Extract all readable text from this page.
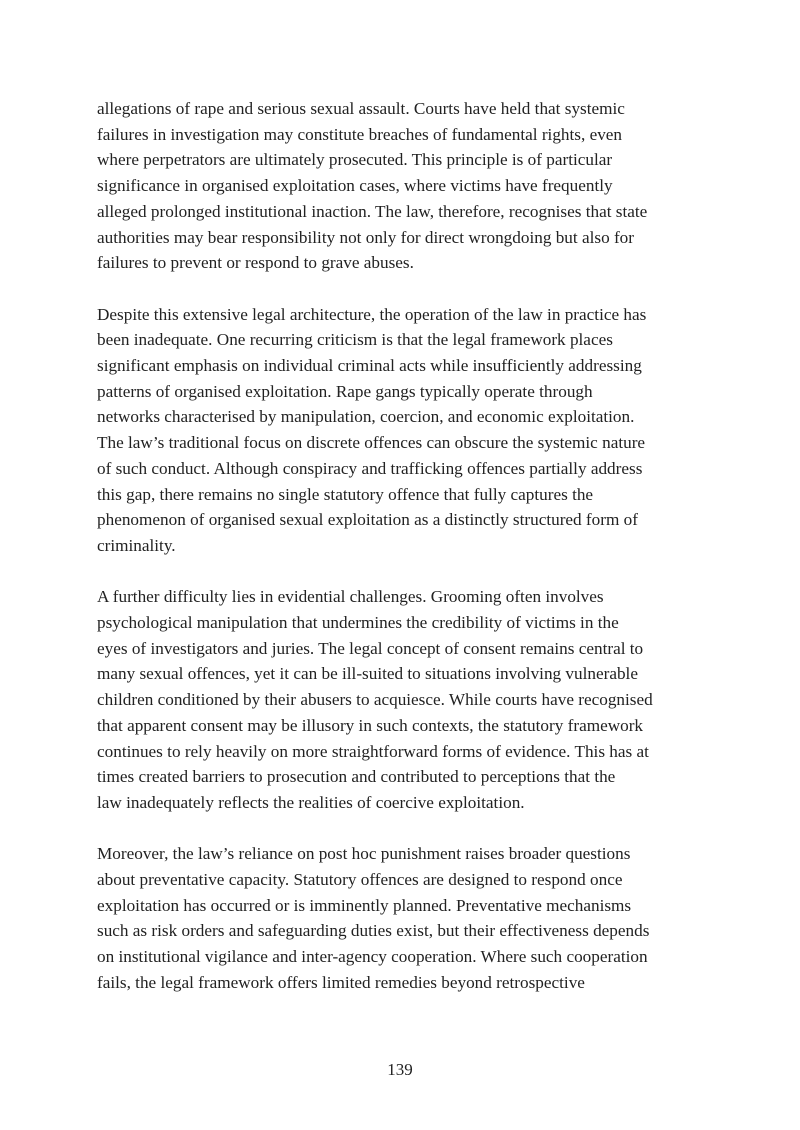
allegations of rape and serious sexual assault. Courts have held that systemic
failures in investigation may constitute breaches of fundamental rights, even
where perpetrators are ultimately prosecuted. This principle is of particular
significance in organised exploitation cases, where victims have frequently
alleged prolonged institutional inaction. The law, therefore, recognises that state
authorities may bear responsibility not only for direct wrongdoing but also for
failures to prevent or respond to grave abuses.

Despite this extensive legal architecture, the operation of the law in practice has
been inadequate. One recurring criticism is that the legal framework places
significant emphasis on individual criminal acts while insufficiently addressing
patterns of organised exploitation. Rape gangs typically operate through
networks characterised by manipulation, coercion, and economic exploitation.
The law’s traditional focus on discrete offences can obscure the systemic nature
of such conduct. Although conspiracy and trafficking offences partially address
this gap, there remains no single statutory offence that fully captures the
phenomenon of organised sexual exploitation as a distinctly structured form of
criminality.

A further difficulty lies in evidential challenges. Grooming often involves
psychological manipulation that undermines the credibility of victims in the
eyes of investigators and juries. The legal concept of consent remains central to
many sexual offences, yet it can be ill-suited to situations involving vulnerable
children conditioned by their abusers to acquiesce. While courts have recognised
that apparent consent may be illusory in such contexts, the statutory framework
continues to rely heavily on more straightforward forms of evidence. This has at
times created barriers to prosecution and contributed to perceptions that the
law inadequately reflects the realities of coercive exploitation.

Moreover, the law’s reliance on post hoc punishment raises broader questions
about preventative capacity. Statutory offences are designed to respond once
exploitation has occurred or is imminently planned. Preventative mechanisms
such as risk orders and safeguarding duties exist, but their effectiveness depends
on institutional vigilance and inter-agency cooperation. Where such cooperation
fails, the legal framework offers limited remedies beyond retrospective

139
